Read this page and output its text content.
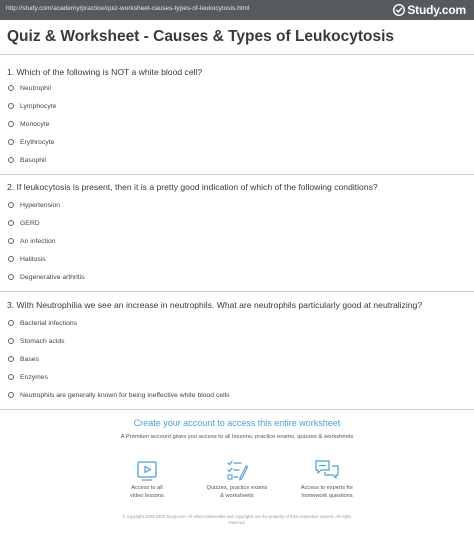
http://study.com/academy/practice/quiz-worksheet-causes-types-of-leukocytosis.html	Study.com
Quiz & Worksheet - Causes & Types of Leukocytosis
1. Which of the following is NOT a white blood cell?
Neutrophil
Lymphocyte
Monocyte
Erythrocyte
Basophil
2. If leukocytosis is present, then it is a pretty good indication of which of the following conditions?
Hypertension
GERD
An infection
Halitosis
Degenerative arthritis
3. With Neutrophilia we see an increase in neutrophils. What are neutrophils particularly good at neutralizing?
Bacterial infections
Stomach acids
Bases
Enzymes
Neutrophils are generally known for being ineffective white blood cells
Create your account to access this entire worksheet
A Premium account gives you access to all lessons, practice exams, quizzes & worksheets
Access to all
video lessons
Quizzes, practice exams
& worksheets
Access to experts for
homework questions
© copyright 2003-2020 Study.com. All other trademarks and copyrights are the property of their respective owners. All rights
reserved.
